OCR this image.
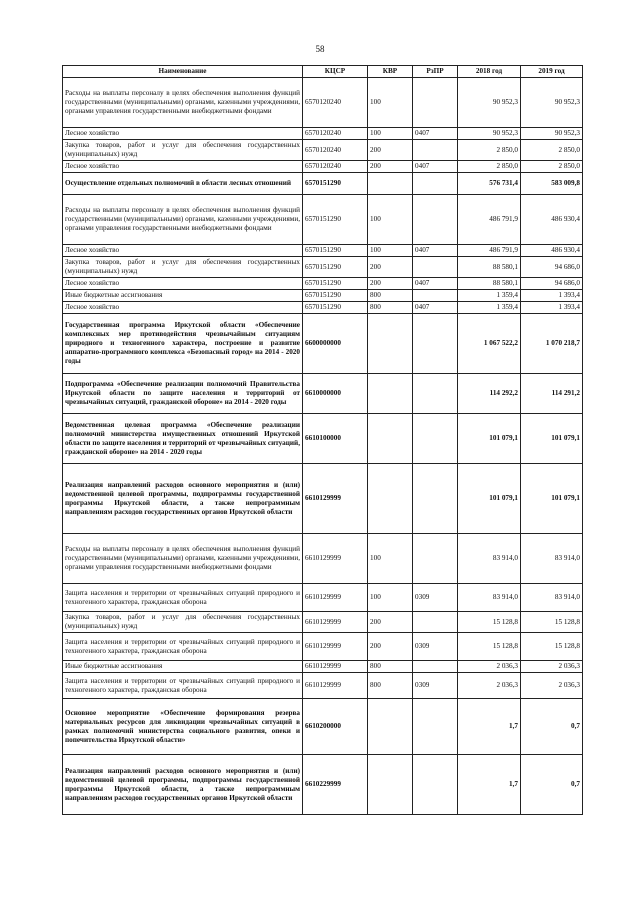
58
Наименование	КЦСР	КВР	РзПР	2018 год	2019 год
Расходы на выплаты персоналу в целях обеспечения выполнения функций государственными (муниципальными) органами, казенными учреждениями, органами управления государственными внебюджетными фондами	6570120240	100		90 952,3	90 952,3
Лесное хозяйство	6570120240	100	0407	90 952,3	90 952,3
Закупка товаров, работ и услуг для обеспечения государственных (муниципальных) нужд	6570120240	200		2 850,0	2 850,0
Лесное хозяйство	6570120240	200	0407	2 850,0	2 850,0
Осуществление отдельных полномочий в области лесных отношений	6570151290			576 731,4	583 009,8
Расходы на выплаты персоналу в целях обеспечения выполнения функций государственными (муниципальными) органами, казенными учреждениями, органами управления государственными внебюджетными фондами	6570151290	100		486 791,9	486 930,4
Лесное хозяйство	6570151290	100	0407	486 791,9	486 930,4
Закупка товаров, работ и услуг для обеспечения государственных (муниципальных) нужд	6570151290	200		88 580,1	94 686,0
Лесное хозяйство	6570151290	200	0407	88 580,1	94 686,0
Иные бюджетные ассигнования	6570151290	800		1 359,4	1 393,4
Лесное хозяйство	6570151290	800	0407	1 359,4	1 393,4
Государственная программа Иркутской области «Обеспечение комплексных мер противодействия чрезвычайным ситуациям природного и техногенного характера, построение и развитие аппаратно-программного комплекса «Безопасный город» на 2014 - 2020 годы	6600000000			1 067 522,2	1 070 218,7
Подпрограмма «Обеспечение реализации полномочий Правительства Иркутской области по защите населения и территорий от чрезвычайных ситуаций, гражданской обороне» на 2014 - 2020 годы	6610000000			114 292,2	114 291,2
Ведомственная целевая программа «Обеспечение реализации полномочий министерства имущественных отношений Иркутской области по защите населения и территорий от чрезвычайных ситуаций, гражданской обороне» на 2014 - 2020 годы	6610100000			101 079,1	101 079,1
Реализация направлений расходов основного мероприятия и (или) ведомственной целевой программы, подпрограммы государственной программы Иркутской области, а также непрограммным направлениям расходов государственных органов Иркутской области	6610129999			101 079,1	101 079,1
Расходы на выплаты персоналу в целях обеспечения выполнения функций государственными (муниципальными) органами, казенными учреждениями, органами управления государственными внебюджетными фондами	6610129999	100		83 914,0	83 914,0
Защита населения и территории от чрезвычайных ситуаций природного и техногенного характера, гражданская оборона	6610129999	100	0309	83 914,0	83 914,0
Закупка товаров, работ и услуг для обеспечения государственных (муниципальных) нужд	6610129999	200		15 128,8	15 128,8
Защита населения и территории от чрезвычайных ситуаций природного и техногенного характера, гражданская оборона	6610129999	200	0309	15 128,8	15 128,8
Иные бюджетные ассигнования	6610129999	800		2 036,3	2 036,3
Защита населения и территории от чрезвычайных ситуаций природного и техногенного характера, гражданская оборона	6610129999	800	0309	2 036,3	2 036,3
Основное мероприятие «Обеспечение формирования резерва материальных ресурсов для ликвидации чрезвычайных ситуаций в рамках полномочий министерства социального развития, опеки и попечительства Иркутской области»	6610200000			1,7	0,7
Реализация направлений расходов основного мероприятия и (или) ведомственной целевой программы, подпрограммы государственной программы Иркутской области, а также непрограммным направлениям расходов государственных органов Иркутской области	6610229999			1,7	0,7
